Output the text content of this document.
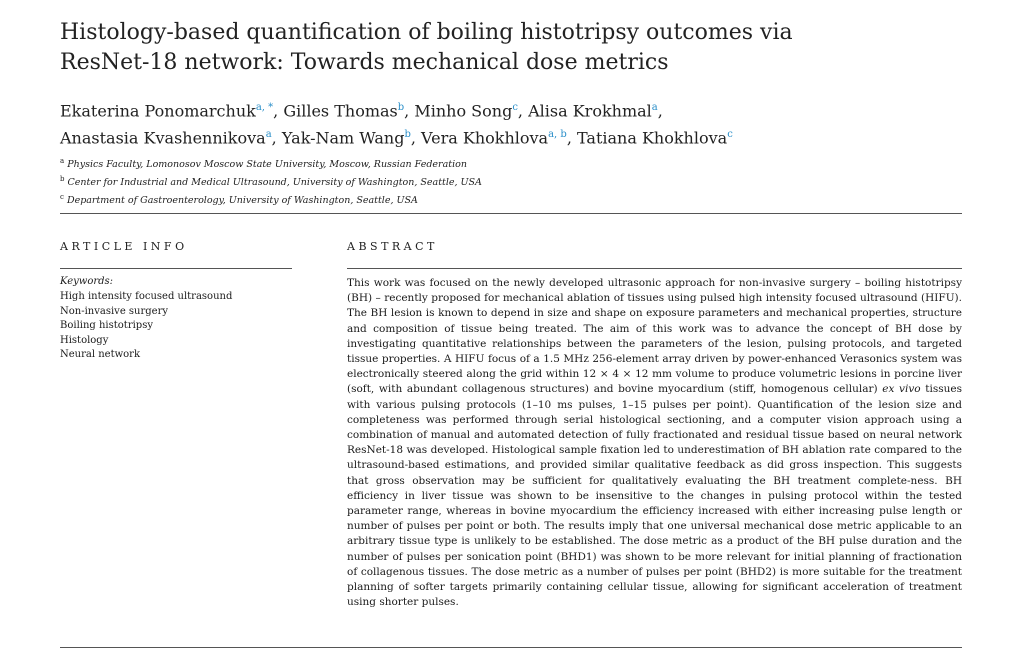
Histology-based quantification of boiling histotripsy outcomes via ResNet-18 network: Towards mechanical dose metrics
Ekaterina Ponomarchuk$^{a, *}$, Gilles Thomas$^b$, Minho Song$^c$, Alisa Krokhmal$^a$,
Anastasia Kvashennikova$^a$, Yak-Nam Wang$^b$, Vera Khokhlova$^{a, b}$, Tatiana Khokhlova$^c$
$^a$ Physics Faculty, Lomonosov Moscow State University, Moscow, Russian Federation
$^b$ Center for Industrial and Medical Ultrasound, University of Washington, Seattle, USA
$^c$ Department of Gastroenterology, University of Washington, Seattle, USA
ARTICLE INFO	ABSTRACT
Keywords:
High intensity focused ultrasound
Non-invasive surgery
Boiling histotripsy
Histology
Neural network

This work was focused on the newly developed ultrasonic approach for non-invasive surgery – boiling histotripsy (BH) – recently proposed for mechanical ablation of tissues using pulsed high intensity focused ultrasound (HIFU). The BH lesion is known to depend in size and shape on exposure parameters and mechanical properties, structure and composition of tissue being treated. The aim of this work was to advance the concept of BH dose by investigating quantitative relationships between the parameters of the lesion, pulsing protocols, and targeted tissue properties. A HIFU focus of a 1.5 MHz 256-element array driven by power-enhanced Verasonics system was electronically steered along the grid within 12 × 4 × 12 mm volume to produce volumetric lesions in porcine liver (soft, with abundant collagenous structures) and bovine myocardium (stiff, homogenous cellular) ex vivo tissues with various pulsing protocols (1–10 ms pulses, 1–15 pulses per point). Quantification of the lesion size and completeness was performed through serial histological sectioning, and a computer vision approach using a combination of manual and automated detection of fully fractionated and residual tissue based on neural network ResNet-18 was developed. Histological sample fixation led to underestimation of BH ablation rate compared to the ultrasound-based estimations, and provided similar qualitative feedback as did gross inspection. This suggests that gross observation may be sufficient for qualitatively evaluating the BH treatment complete-ness. BH efficiency in liver tissue was shown to be insensitive to the changes in pulsing protocol within the tested parameter range, whereas in bovine myocardium the efficiency increased with either increasing pulse length or number of pulses per point or both. The results imply that one universal mechanical dose metric applicable to an arbitrary tissue type is unlikely to be established. The dose metric as a product of the BH pulse duration and the number of pulses per sonication point (BHD1) was shown to be more relevant for initial planning of fractionation of collagenous tissues. The dose metric as a number of pulses per point (BHD2) is more suitable for the treatment planning of softer targets primarily containing cellular tissue, allowing for significant acceleration of treatment using shorter pulses.
